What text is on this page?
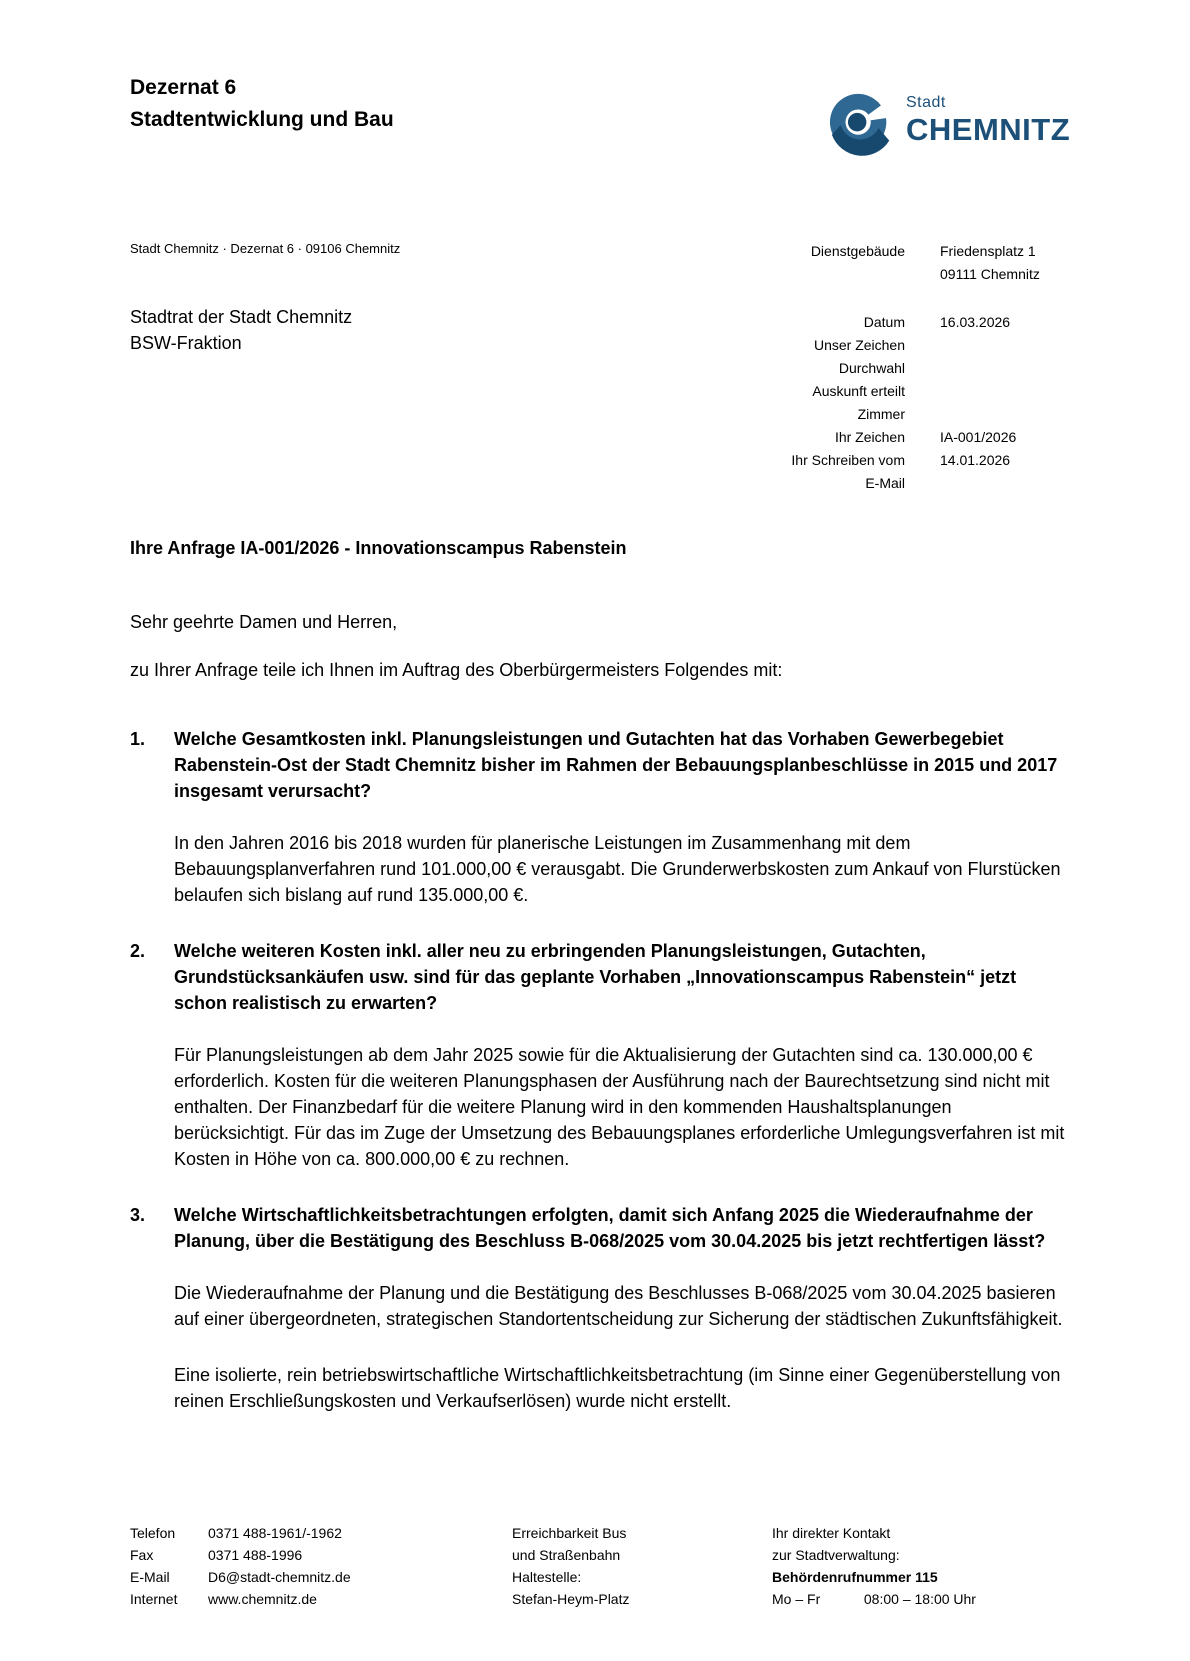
Dezernat 6
Stadtentwicklung und Bau
Stadt
CHEMNITZ
Stadt Chemnitz · Dezernat 6 · 09106 Chemnitz
Stadtrat der Stadt Chemnitz
BSW-Fraktion
Dienstgebäude	Friedensplatz 1
09111 Chemnitz
Datum	16.03.2026
Unser Zeichen
Durchwahl
Auskunft erteilt
Zimmer
Ihr Zeichen	IA-001/2026
Ihr Schreiben vom	14.01.2026
E-Mail
Ihre Anfrage IA-001/2026 - Innovationscampus Rabenstein
Sehr geehrte Damen und Herren,
zu Ihrer Anfrage teile ich Ihnen im Auftrag des Oberbürgermeisters Folgendes mit:
1. Welche Gesamtkosten inkl. Planungsleistungen und Gutachten hat das Vorhaben Gewerbegebiet Rabenstein-Ost der Stadt Chemnitz bisher im Rahmen der Bebauungsplanbeschlüsse in 2015 und 2017 insgesamt verursacht?

In den Jahren 2016 bis 2018 wurden für planerische Leistungen im Zusammenhang mit dem Bebauungsplanverfahren rund 101.000,00 € verausgabt. Die Grunderwerbskosten zum Ankauf von Flurstücken belaufen sich bislang auf rund 135.000,00 €.

2. Welche weiteren Kosten inkl. aller neu zu erbringenden Planungsleistungen, Gutachten, Grundstücksankäufen usw. sind für das geplante Vorhaben „Innovationscampus Rabenstein“ jetzt schon realistisch zu erwarten?

Für Planungsleistungen ab dem Jahr 2025 sowie für die Aktualisierung der Gutachten sind ca. 130.000,00 € erforderlich. Kosten für die weiteren Planungsphasen der Ausführung nach der Baurechtsetzung sind nicht mit enthalten. Der Finanzbedarf für die weitere Planung wird in den kommenden Haushaltsplanungen berücksichtigt. Für das im Zuge der Umsetzung des Bebauungsplanes erforderliche Umlegungsverfahren ist mit Kosten in Höhe von ca. 800.000,00 € zu rechnen.

3. Welche Wirtschaftlichkeitsbetrachtungen erfolgten, damit sich Anfang 2025 die Wiederaufnahme der Planung, über die Bestätigung des Beschluss B-068/2025 vom 30.04.2025 bis jetzt rechtfertigen lässt?

Die Wiederaufnahme der Planung und die Bestätigung des Beschlusses B-068/2025 vom 30.04.2025 basieren auf einer übergeordneten, strategischen Standortentscheidung zur Sicherung der städtischen Zukunftsfähigkeit.

Eine isolierte, rein betriebswirtschaftliche Wirtschaftlichkeitsbetrachtung (im Sinne einer Gegenüberstellung von reinen Erschließungskosten und Verkaufserlösen) wurde nicht erstellt.

Telefon	0371 488-1961/-1962
Fax	0371 488-1996
E-Mail	D6@stadt-chemnitz.de
Internet	www.chemnitz.de
Erreichbarkeit Bus
und Straßenbahn
Haltestelle:
Stefan-Heym-Platz
Ihr direkter Kontakt
zur Stadtverwaltung:
Behördenrufnummer 115
Mo – Fr	08:00 – 18:00 Uhr
